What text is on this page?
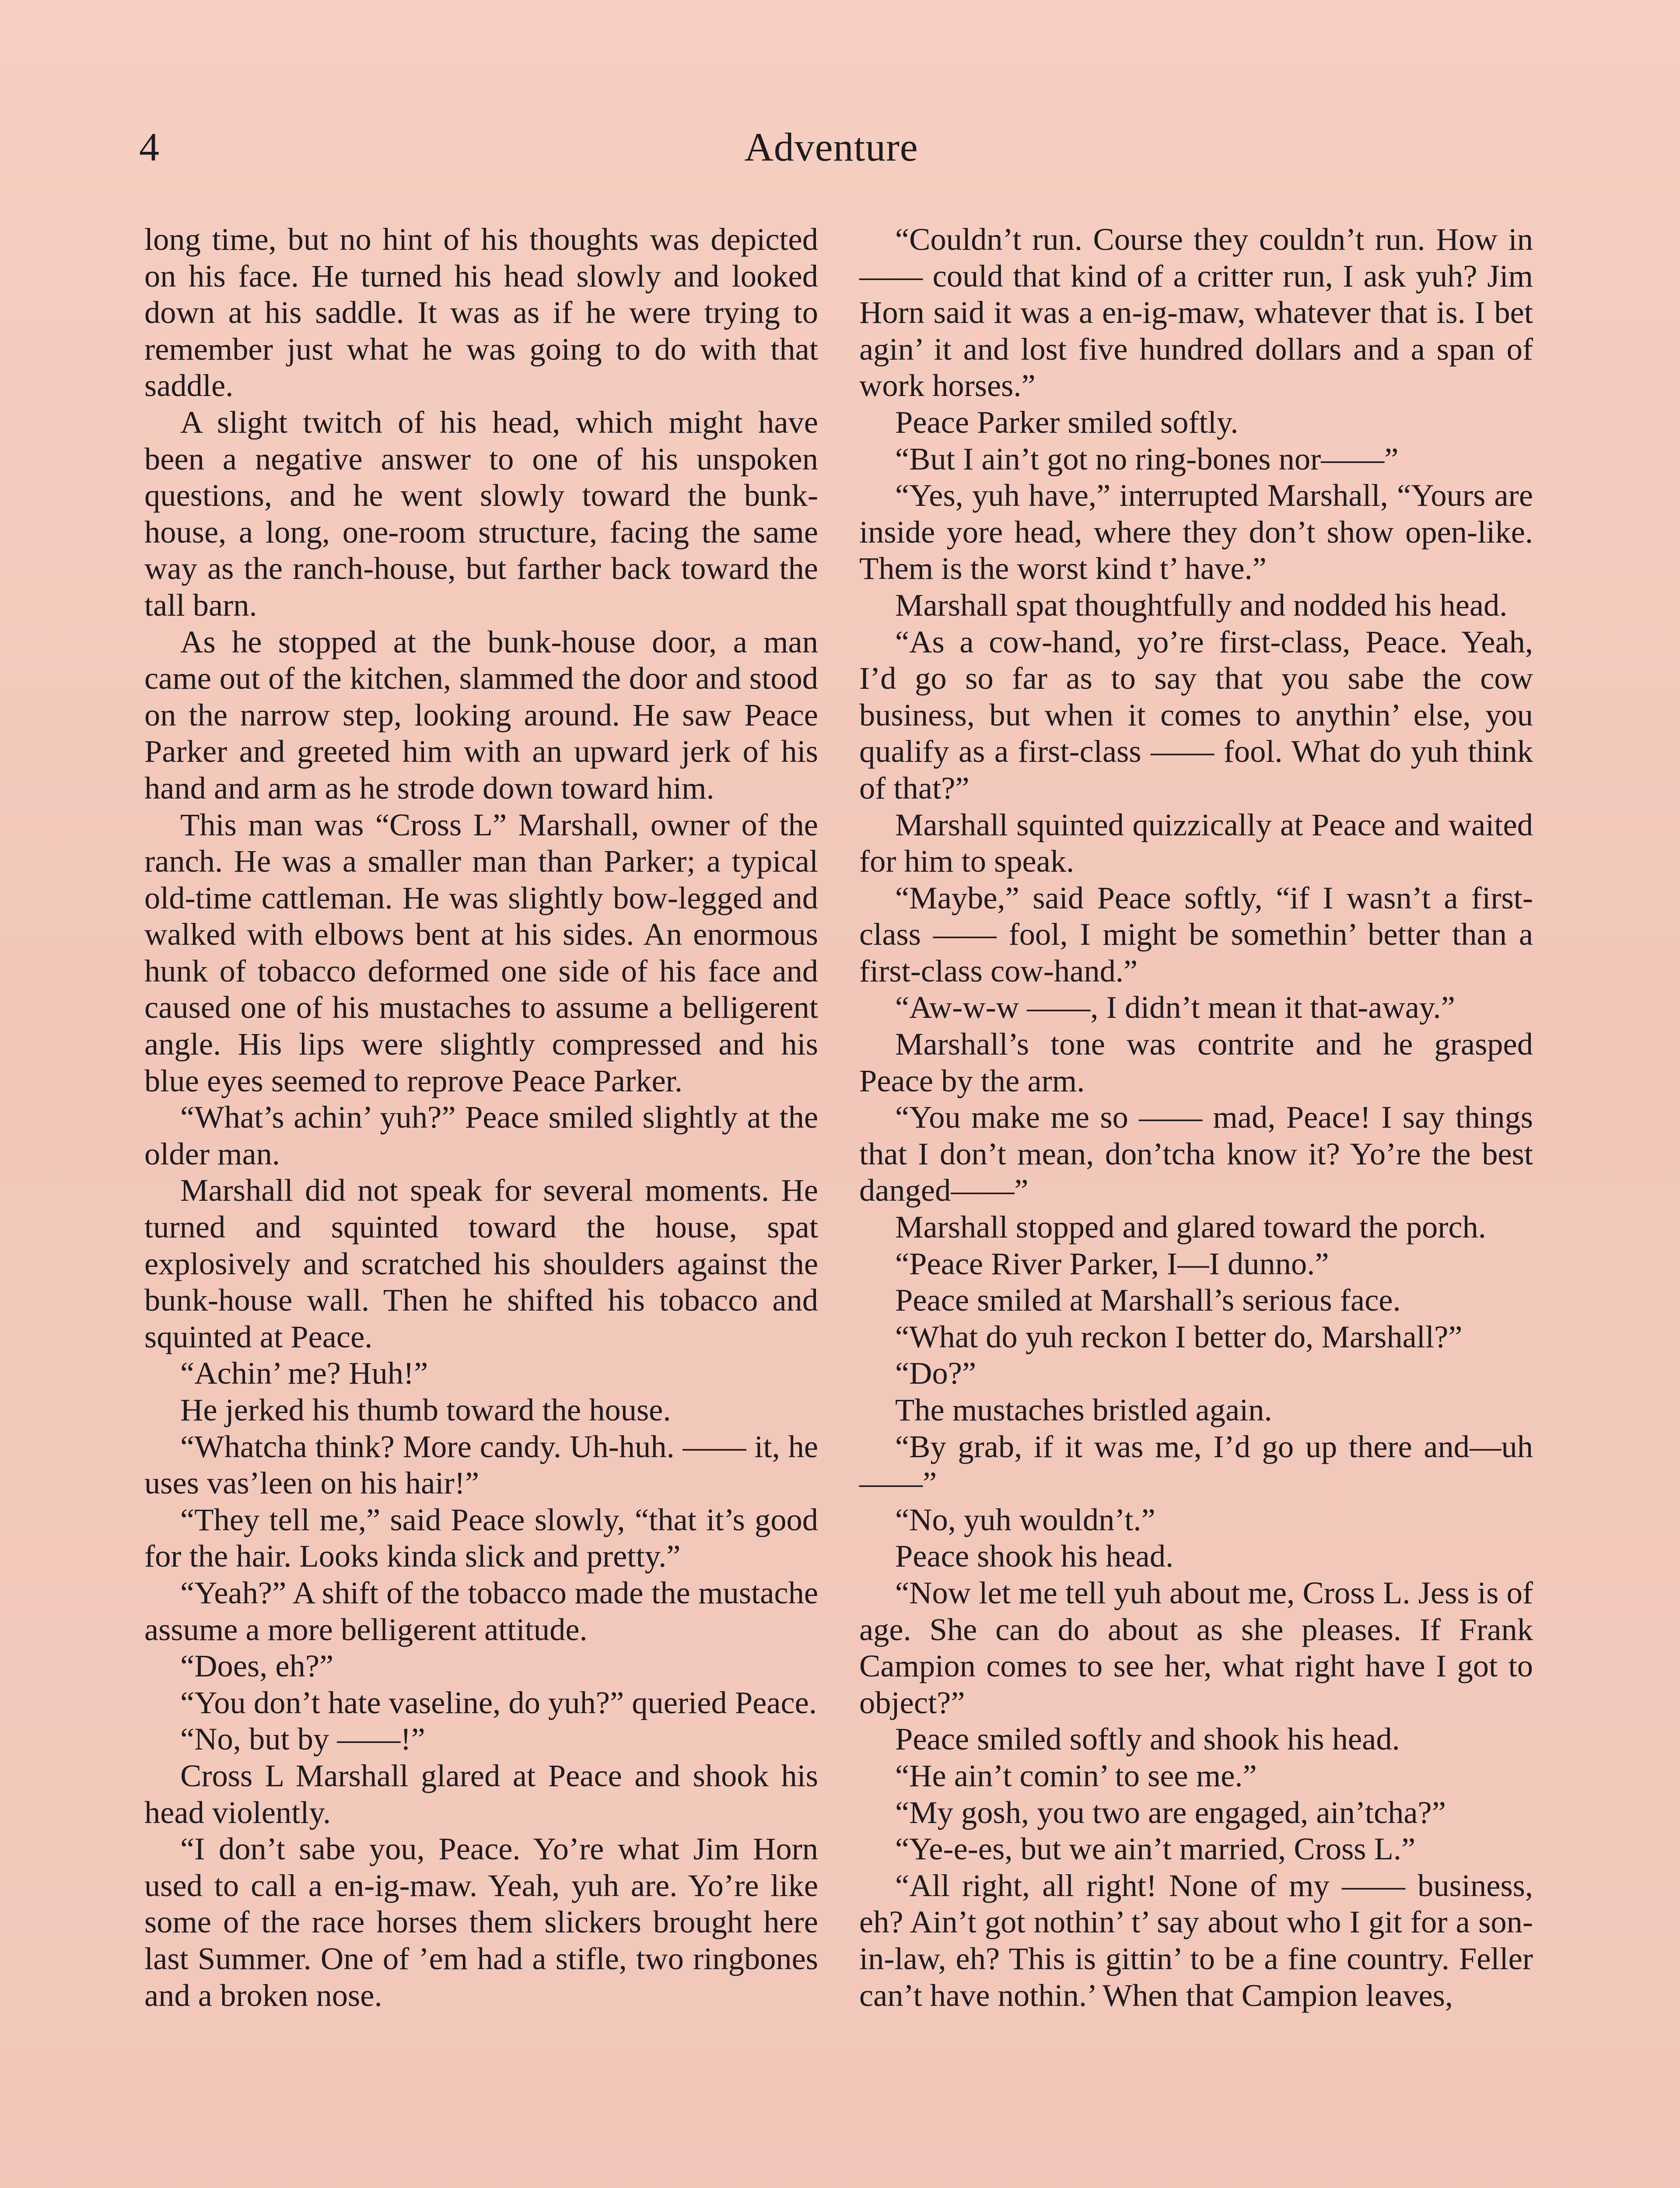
4	Adventure

long time, but no hint of his thoughts was depicted on his face. He turned his head slowly and looked down at his saddle. It was as if he were trying to remember just what he was going to do with that saddle.

A slight twitch of his head, which might have been a negative answer to one of his unspoken questions, and he went slowly toward the bunk-house, a long, one-room structure, facing the same way as the ranch-house, but farther back toward the tall barn.

As he stopped at the bunk-house door, a man came out of the kitchen, slammed the door and stood on the narrow step, looking around. He saw Peace Parker and greeted him with an upward jerk of his hand and arm as he strode down toward him.

This man was “Cross L” Marshall, owner of the ranch. He was a smaller man than Parker; a typical old-time cattleman. He was slightly bow-legged and walked with elbows bent at his sides. An enormous hunk of tobacco deformed one side of his face and caused one of his mustaches to assume a belligerent angle. His lips were slightly compressed and his blue eyes seemed to reprove Peace Parker.

“What’s achin’ yuh?” Peace smiled slightly at the older man.

Marshall did not speak for several moments. He turned and squinted toward the house, spat explosively and scratched his shoulders against the bunk-house wall. Then he shifted his tobacco and squinted at Peace.

“Achin’ me? Huh!”

He jerked his thumb toward the house.

“Whatcha think? More candy. Uh-huh. —— it, he uses vas’leen on his hair!”

“They tell me,” said Peace slowly, “that it’s good for the hair. Looks kinda slick and pretty.”

“Yeah?” A shift of the tobacco made the mustache assume a more belligerent attitude.

“Does, eh?”

“You don’t hate vaseline, do yuh?” queried Peace.

“No, but by ——!”

Cross L Marshall glared at Peace and shook his head violently.

“I don’t sabe you, Peace. Yo’re what Jim Horn used to call a en-ig-maw. Yeah, yuh are. Yo’re like some of the race horses them slickers brought here last Summer. One of ’em had a stifle, two ringbones and a broken nose.

“Couldn’t run. Course they couldn’t run. How in —— could that kind of a critter run, I ask yuh? Jim Horn said it was a en-ig-maw, whatever that is. I bet agin’ it and lost five hundred dollars and a span of work horses.”

Peace Parker smiled softly.

“But I ain’t got no ring-bones nor——”

“Yes, yuh have,” interrupted Marshall, “Yours are inside yore head, where they don’t show open-like. Them is the worst kind t’ have.”

Marshall spat thoughtfully and nodded his head.

“As a cow-hand, yo’re first-class, Peace. Yeah, I’d go so far as to say that you sabe the cow business, but when it comes to anythin’ else, you qualify as a first-class —— fool. What do yuh think of that?”

Marshall squinted quizzically at Peace and waited for him to speak.

“Maybe,” said Peace softly, “if I wasn’t a first-class —— fool, I might be somethin’ better than a first-class cow-hand.”

“Aw-w-w ——, I didn’t mean it that-away.”

Marshall’s tone was contrite and he grasped Peace by the arm.

“You make me so —— mad, Peace! I say things that I don’t mean, don’tcha know it? Yo’re the best danged——”

Marshall stopped and glared toward the porch.

“Peace River Parker, I—I dunno.”

Peace smiled at Marshall’s serious face.

“What do yuh reckon I better do, Marshall?”

“Do?”

The mustaches bristled again.

“By grab, if it was me, I’d go up there and—uh——”

“No, yuh wouldn’t.”

Peace shook his head.

“Now let me tell yuh about me, Cross L. Jess is of age. She can do about as she pleases. If Frank Campion comes to see her, what right have I got to object?”

Peace smiled softly and shook his head.

“He ain’t comin’ to see me.”

“My gosh, you two are engaged, ain’tcha?”

“Ye-e-es, but we ain’t married, Cross L.”

“All right, all right! None of my —— business, eh? Ain’t got nothin’ t’ say about who I git for a son-in-law, eh? This is gittin’ to be a fine country. Feller can’t have nothin.’ When that Campion leaves,
